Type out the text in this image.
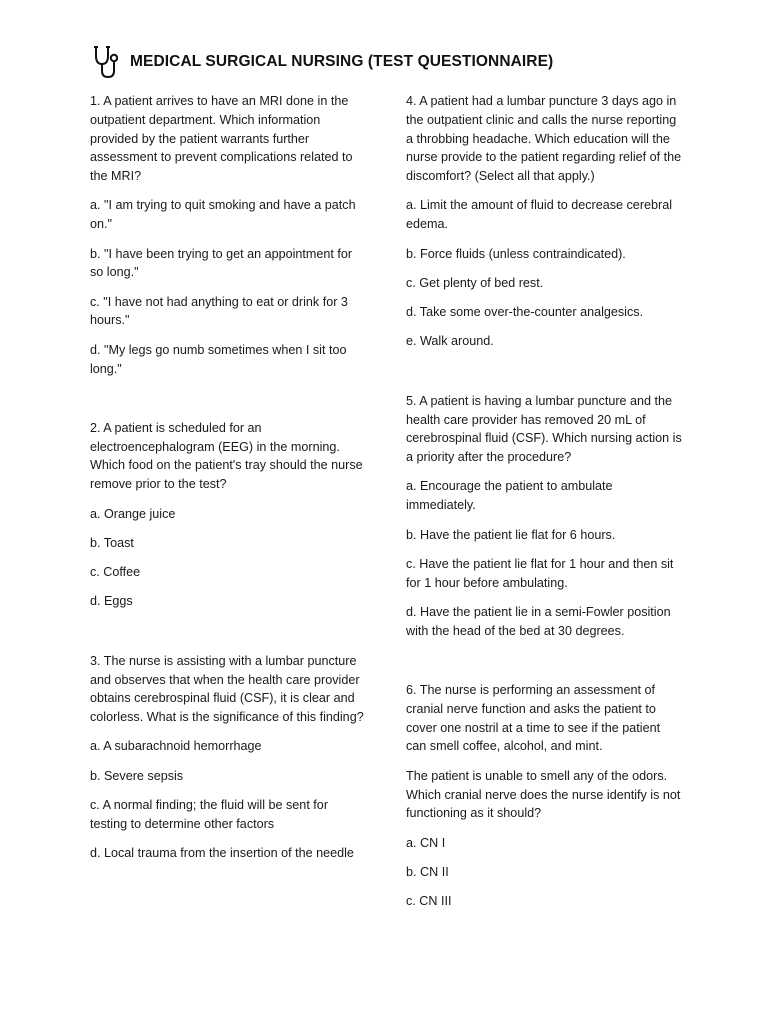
MEDICAL SURGICAL NURSING (TEST QUESTIONNAIRE)

1. A patient arrives to have an MRI done in the outpatient department. Which information provided by the patient warrants further assessment to prevent complications related to the MRI?

a. "I am trying to quit smoking and have a patch on."

b. "I have been trying to get an appointment for so long."

c. "I have not had anything to eat or drink for 3 hours."

d. "My legs go numb sometimes when I sit too long."

2. A patient is scheduled for an electroencephalogram (EEG) in the morning. Which food on the patient's tray should the nurse remove prior to the test?

a. Orange juice

b. Toast

c. Coffee

d. Eggs

3. The nurse is assisting with a lumbar puncture and observes that when the health care provider obtains cerebrospinal fluid (CSF), it is clear and colorless. What is the significance of this finding?

a. A subarachnoid hemorrhage

b. Severe sepsis

c. A normal finding; the fluid will be sent for testing to determine other factors

d. Local trauma from the insertion of the needle

4. A patient had a lumbar puncture 3 days ago in the outpatient clinic and calls the nurse reporting a throbbing headache. Which education will the nurse provide to the patient regarding relief of the discomfort? (Select all that apply.)

a. Limit the amount of fluid to decrease cerebral edema.

b. Force fluids (unless contraindicated).

c. Get plenty of bed rest.

d. Take some over-the-counter analgesics.

e. Walk around.

5. A patient is having a lumbar puncture and the health care provider has removed 20 mL of cerebrospinal fluid (CSF). Which nursing action is a priority after the procedure?

a. Encourage the patient to ambulate immediately.

b. Have the patient lie flat for 6 hours.

c. Have the patient lie flat for 1 hour and then sit for 1 hour before ambulating.

d. Have the patient lie in a semi-Fowler position with the head of the bed at 30 degrees.

6. The nurse is performing an assessment of cranial nerve function and asks the patient to cover one nostril at a time to see if the patient can smell coffee, alcohol, and mint.

The patient is unable to smell any of the odors. Which cranial nerve does the nurse identify is not functioning as it should?

a. CN I

b. CN II

c. CN III
